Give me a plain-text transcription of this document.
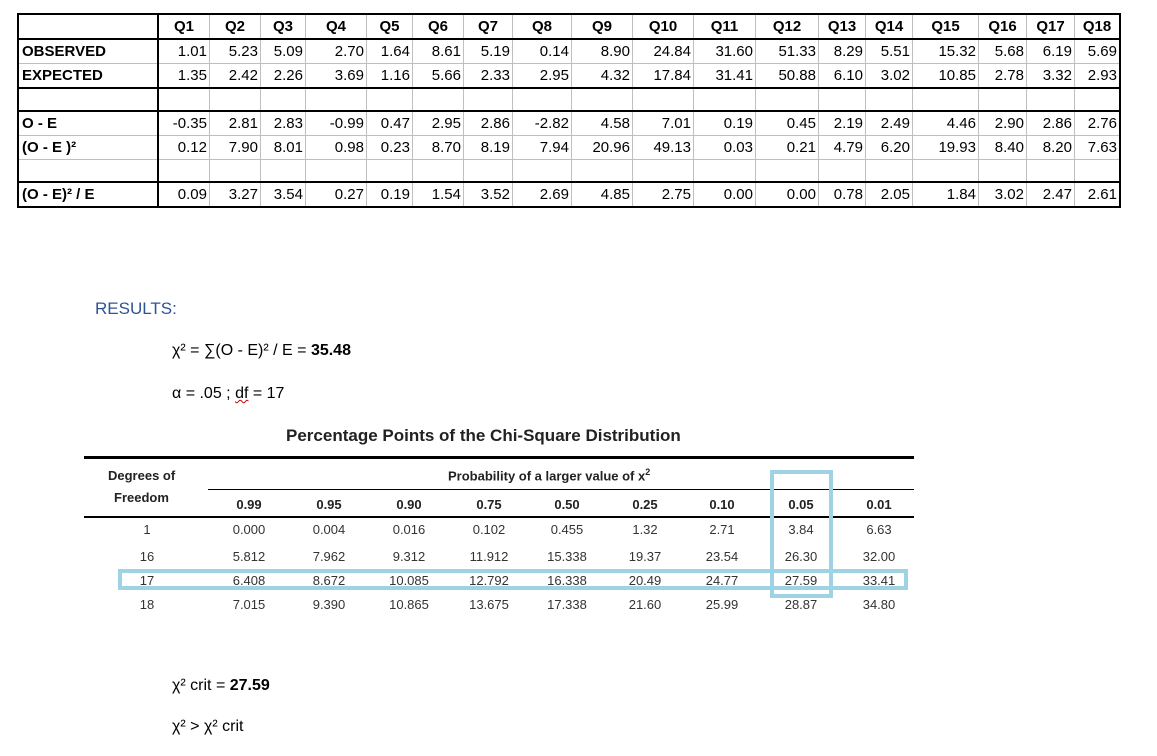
	Q1	Q2	Q3	Q4	Q5	Q6	Q7	Q8	Q9	Q10	Q11	Q12	Q13	Q14	Q15	Q16	Q17	Q18
OBSERVED	1.01	5.23	5.09	2.70	1.64	8.61	5.19	0.14	8.90	24.84	31.60	51.33	8.29	5.51	15.32	5.68	6.19	5.69
EXPECTED	1.35	2.42	2.26	3.69	1.16	5.66	2.33	2.95	4.32	17.84	31.41	50.88	6.10	3.02	10.85	2.78	3.32	2.93

O - E	-0.35	2.81	2.83	-0.99	0.47	2.95	2.86	-2.82	4.58	7.01	0.19	0.45	2.19	2.49	4.46	2.90	2.86	2.76
(O - E )²	0.12	7.90	8.01	0.98	0.23	8.70	8.19	7.94	20.96	49.13	0.03	0.21	4.79	6.20	19.93	8.40	8.20	7.63

(O - E)² / E	0.09	3.27	3.54	0.27	0.19	1.54	3.52	2.69	4.85	2.75	0.00	0.00	0.78	2.05	1.84	3.02	2.47	2.61
RESULTS:
χ² = ∑(O - E)² / E = 35.48
α = .05 ; df = 17
Percentage Points of the Chi-Square Distribution
Degrees of
Freedom
Probability of a larger value of $x^2$
0.99	0.95	0.90	0.75	0.50	0.25	0.10	0.05	0.01
1	0.000	0.004	0.016	0.102	0.455	1.32	2.71	3.84	6.63
16	5.812	7.962	9.312	11.912	15.338	19.37	23.54	26.30	32.00
17	6.408	8.672	10.085	12.792	16.338	20.49	24.77	27.59	33.41
18	7.015	9.390	10.865	13.675	17.338	21.60	25.99	28.87	34.80
χ² crit = 27.59
χ² > χ² crit
